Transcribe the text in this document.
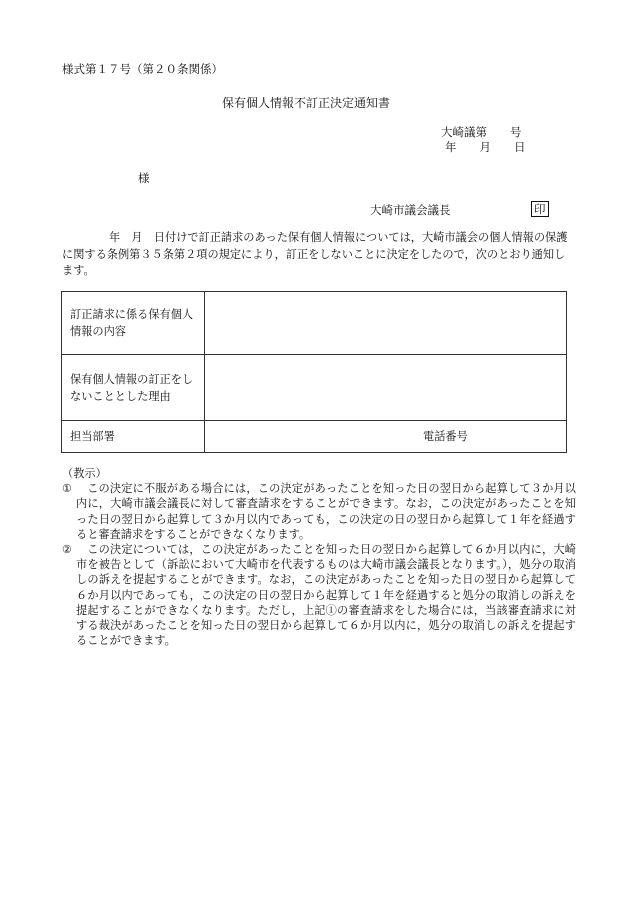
様式第１７号（第２０条関係）
保有個人情報不訂正決定通知書
大崎議第　　号
年　　月　　日
様
大崎市議会議長	印
年　月　日付けで訂正請求のあった保有個人情報については，大崎市議会の個人情報の保護に関する条例第３５条第２項の規定により，訂正をしないことに決定をしたので，次のとおり通知します。
訂正請求に係る保有個人情報の内容	
保有個人情報の訂正をしないこととした理由	
担当部署	電話番号
（教示）
①	この決定に不服がある場合には，この決定があったことを知った日の翌日から起算して３か月以内に，大崎市議会議長に対して審査請求をすることができます。なお，この決定があったことを知った日の翌日から起算して３か月以内であっても，この決定の日の翌日から起算して１年を経過すると審査請求をすることができなくなります。
②	この決定については，この決定があったことを知った日の翌日から起算して６か月以内に，大崎市を被告として（訴訟において大崎市を代表するものは大崎市議会議長となります。），処分の取消しの訴えを提起することができます。なお，この決定があったことを知った日の翌日から起算して６か月以内であっても，この決定の日の翌日から起算して１年を経過すると処分の取消しの訴えを提起することができなくなります。ただし，上記①の審査請求をした場合には，当該審査請求に対する裁決があったことを知った日の翌日から起算して６か月以内に，処分の取消しの訴えを提起することができます。
